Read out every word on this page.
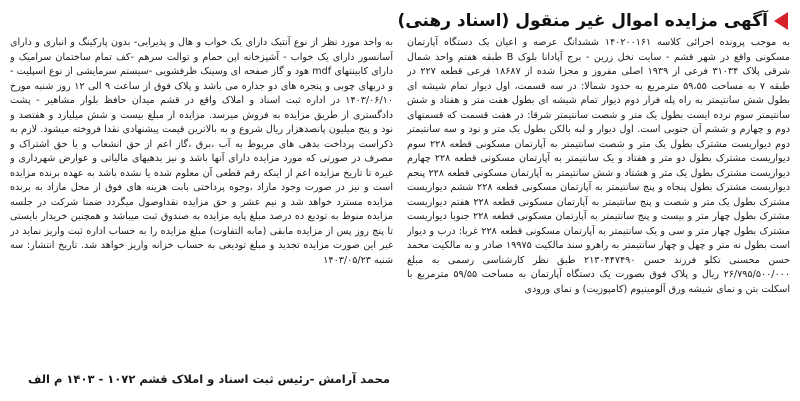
آگهی مزایده اموال غیر منقول (اسناد رهنی)

به موجب پرونده اجرائی کلاسه ۱۴۰۲۰۰۱۶۱ ششدانگ عرصه و اعیان یک دستگاه آپارتمان مسکونی واقع در شهر قشم - سایت نخل زرین - برج آپادانا بلوک B طبقه هفتم واحد شمال شرقی پلاک ۳۱۰۳۴ فرعی از ۱۹۳۹ اصلی مفروز و مجزا شده از ۱۸۶۸۷ فرعی قطعه ۲۲۷ در طبقه ۷ به مساحت ۵۹،۵۵ مترمربع به حدود شمالا: در سه قسمت، اول دیوار تمام شیشه ای بطول شش سانتیمتر به راه پله فرار دوم دیوار تمام شیشه ای بطول هفت متر و هفتاد و شش سانتیمتر سوم نرده ایست بطول یک متر و شصت سانتیمتر شرقا: در هفت قسمت که قسمتهای دوم و چهارم و ششم آن جنوبی است. اول دیوار و لبه بالکن بطول یک متر و نود و سه سانتیمتر دوم دیواریست مشترک بطول یک متر و شصت سانتیمتر به آپارتمان مسکونی قطعه ۲۲۸ سوم دیواریست مشترک بطول دو متر و هفتاد و یک سانتیمتر به آپارتمان مسکونی قطعه ۲۲۸ چهارم دیواریست مشترک بطول یک متر و هشتاد و شش سانتیمتر به آپارتمان مسکونی قطعه ۲۲۸ پنجم دیواریست مشترک بطول پنجاه و پنج سانتیمتر به آپارتمان مسکونی قطعه ۲۲۸ ششم دیواریست مشترک بطول یک متر و شصت و پنج سانتیمتر به آپارتمان مسکونی قطعه ۲۲۸ هفتم دیواریست مشترک بطول چهار متر و بیست و پنج سانتیمتر به آپارتمان مسکونی قطعه ۲۲۸ جنوبا دیواریست مشترک بطول چهار متر و سی و یک سانتیمتر به آپارتمان مسکونی قطعه ۲۲۸ غربا: درب و دیوار است بطول نه متر و چهل و چهار سانتیمتر به راهرو سند مالکیت ۱۹۹۷۵ صادر و به مالکیت محمد حسن محسنی تکلو فرزند حسن ۲۱۳۰۴۴۷۴۹۰ طبق نظر کارشناسی رسمی به مبلغ ۲۶/۷۹۵/۵۰۰/۰۰۰ ریال و پلاک فوق بصورت یک دستگاه آپارتمان به مساحت ۵۹/۵۵ مترمربع با اسکلت بتن و نمای شیشه ورق آلومینیوم (کامپوزیت) و نمای ورودی

به واحد مورد نظر از نوع آنتیک دارای یک خواب و هال و پذیرایی- بدون پارکینگ و انباری و دارای آسانسور دارای یک خواب - آشپزخانه اپن حمام و توالت سرهم -کف تمام ساختمان سرامیک و دارای کابینتهای mdf هود و گاز صفحه ای وسینک ظرفشویی -سیستم سرمایشی از نوع اسپلیت - و دربهای چوبی و پنجره های دو جداره می باشد و پلاک فوق از ساعت ۹ الی ۱۲ روز شنبه مورخ ۱۴۰۳/۰۶/۱۰ در اداره ثبت اسناد و املاک واقع در قشم میدان حافظ بلوار مشاهیر - پشت دادگستری از طریق مزایده به فروش میرسد. مزایده از مبلغ بیست و شش میلیارد و هفتصد و نود و پنج میلیون پانصدهزار ریال شروع و به بالاترین قیمت پیشنهادی نقدا فروخته میشود. لازم به ذکراست پرداخت بدهی های مربوط به آب ،برق ،گاز اعم از حق انشعاب و یا حق اشتراک و مصرف در صورتی که مورد مزایده دارای آنها باشد و نیز بدهیهای مالیاتی و عوارض شهرداری و غیره تا تاریخ مزایده اعم از اینکه رقم قطعی آن معلوم شده یا نشده باشد به عهده برنده مزایده است و نیز در صورت وجود مازاد ،وجوه پرداختی بابت هزینه های فوق از محل مازاد به برنده مزایده مسترد خواهد شد و نیم عشر و حق مزایده نقداوصول میگردد ضمنا شرکت در جلسه مزایده منوط به تودیع ده درصد مبلغ پایه مزایده به صندوق ثبت میباشد و همچنین خریدار بایستی تا پنج روز پس از مزایده مابقی (مابه التفاوت) مبلغ مزایده را به حساب اداره ثبت واریز نماید در غیر این صورت مزایده تجدید و مبلغ تودیعی به حساب خزانه واریز خواهد شد. تاریخ انتشار: سه شنبه ۱۴۰۳/۰۵/۲۳

محمد آرامش -رئیس ثبت اسناد و املاک قشم ۱۰۷۲ - ۱۴۰۳ م الف
